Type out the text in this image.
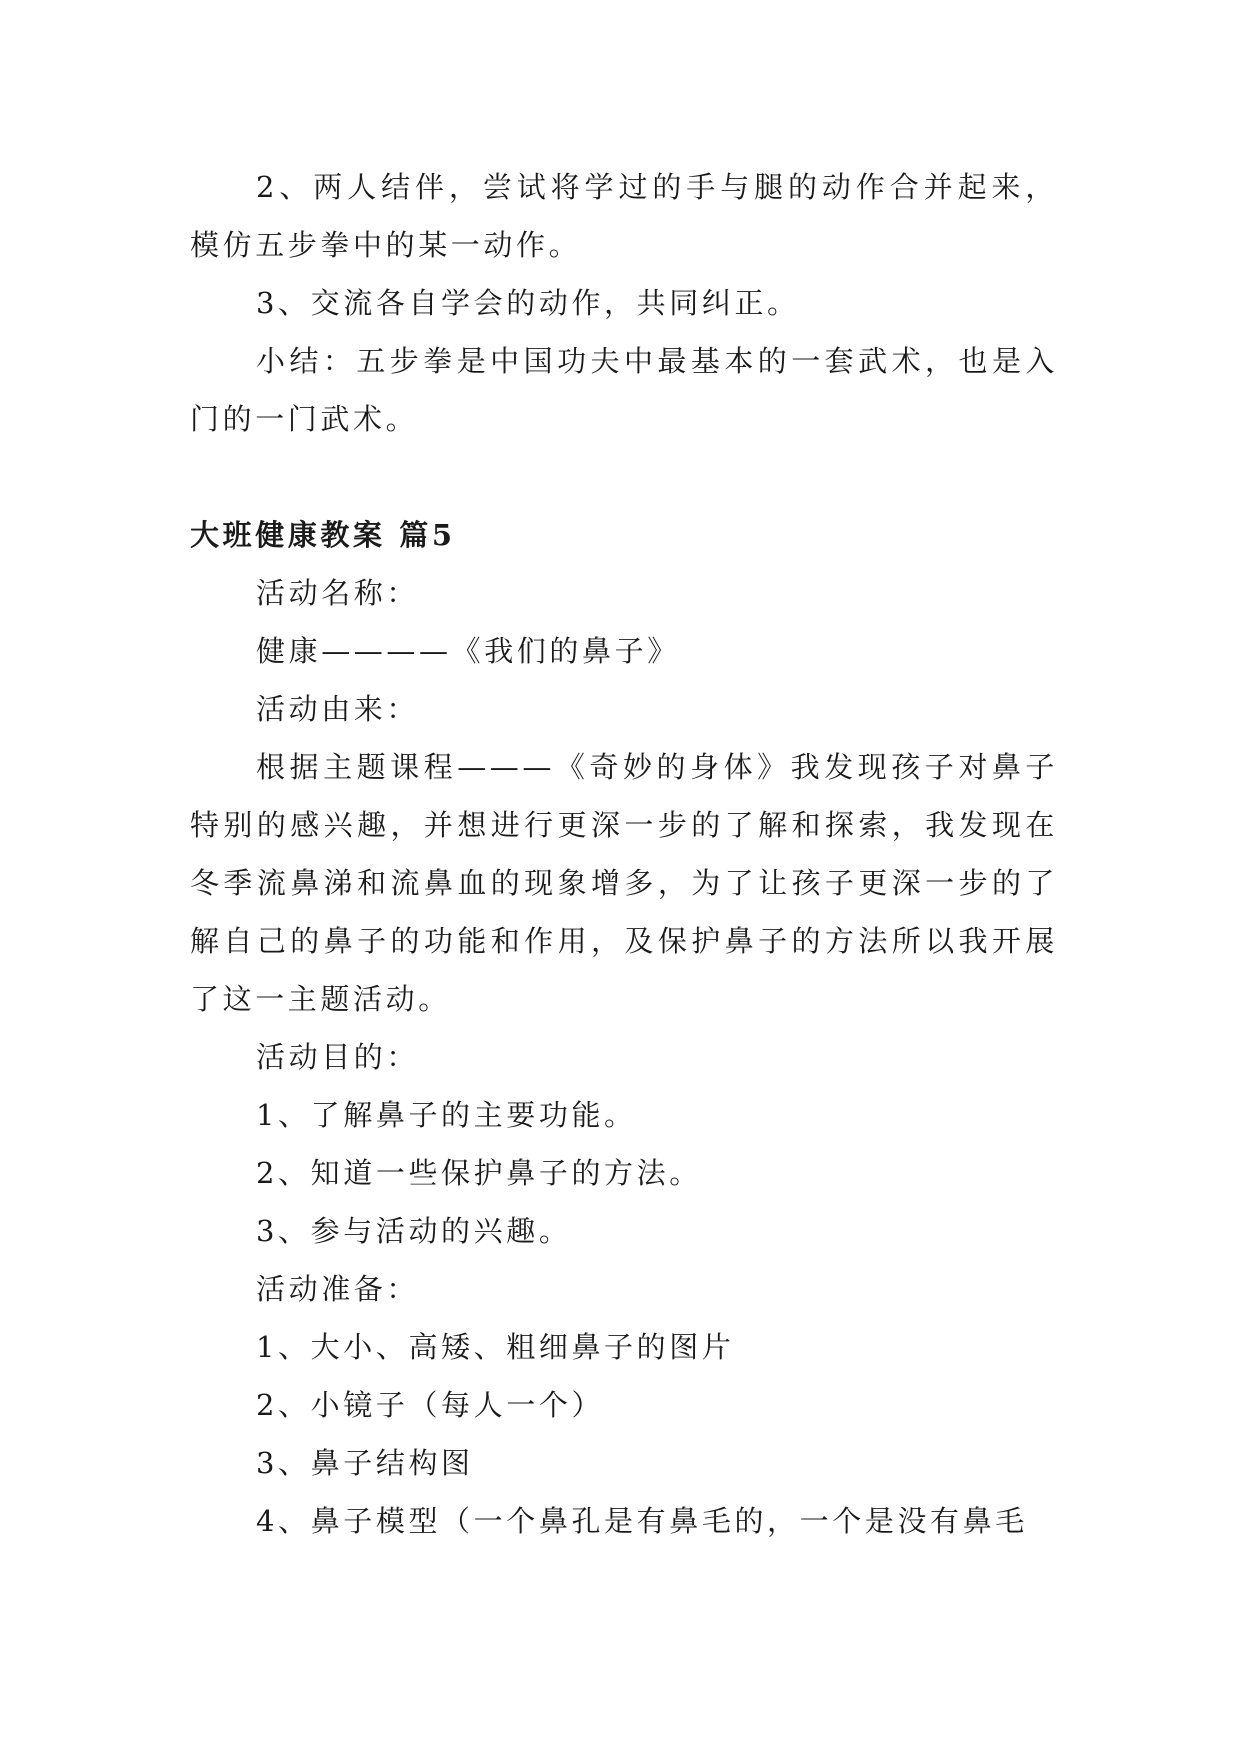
2、两人结伴，尝试将学过的手与腿的动作合并起来，模仿五步拳中的某一动作。

3、交流各自学会的动作，共同纠正。

小结：五步拳是中国功夫中最基本的一套武术，也是入门的一门武术。

大班健康教案 篇5

活动名称：

健康————《我们的鼻子》

活动由来：

根据主题课程———《奇妙的身体》我发现孩子对鼻子特别的感兴趣，并想进行更深一步的了解和探索，我发现在冬季流鼻涕和流鼻血的现象增多，为了让孩子更深一步的了解自己的鼻子的功能和作用，及保护鼻子的方法所以我开展了这一主题活动。

活动目的：

1、了解鼻子的主要功能。

2、知道一些保护鼻子的方法。

3、参与活动的兴趣。

活动准备：

1、大小、高矮、粗细鼻子的图片

2、小镜子（每人一个）

3、鼻子结构图

4、鼻子模型（一个鼻孔是有鼻毛的，一个是没有鼻毛
